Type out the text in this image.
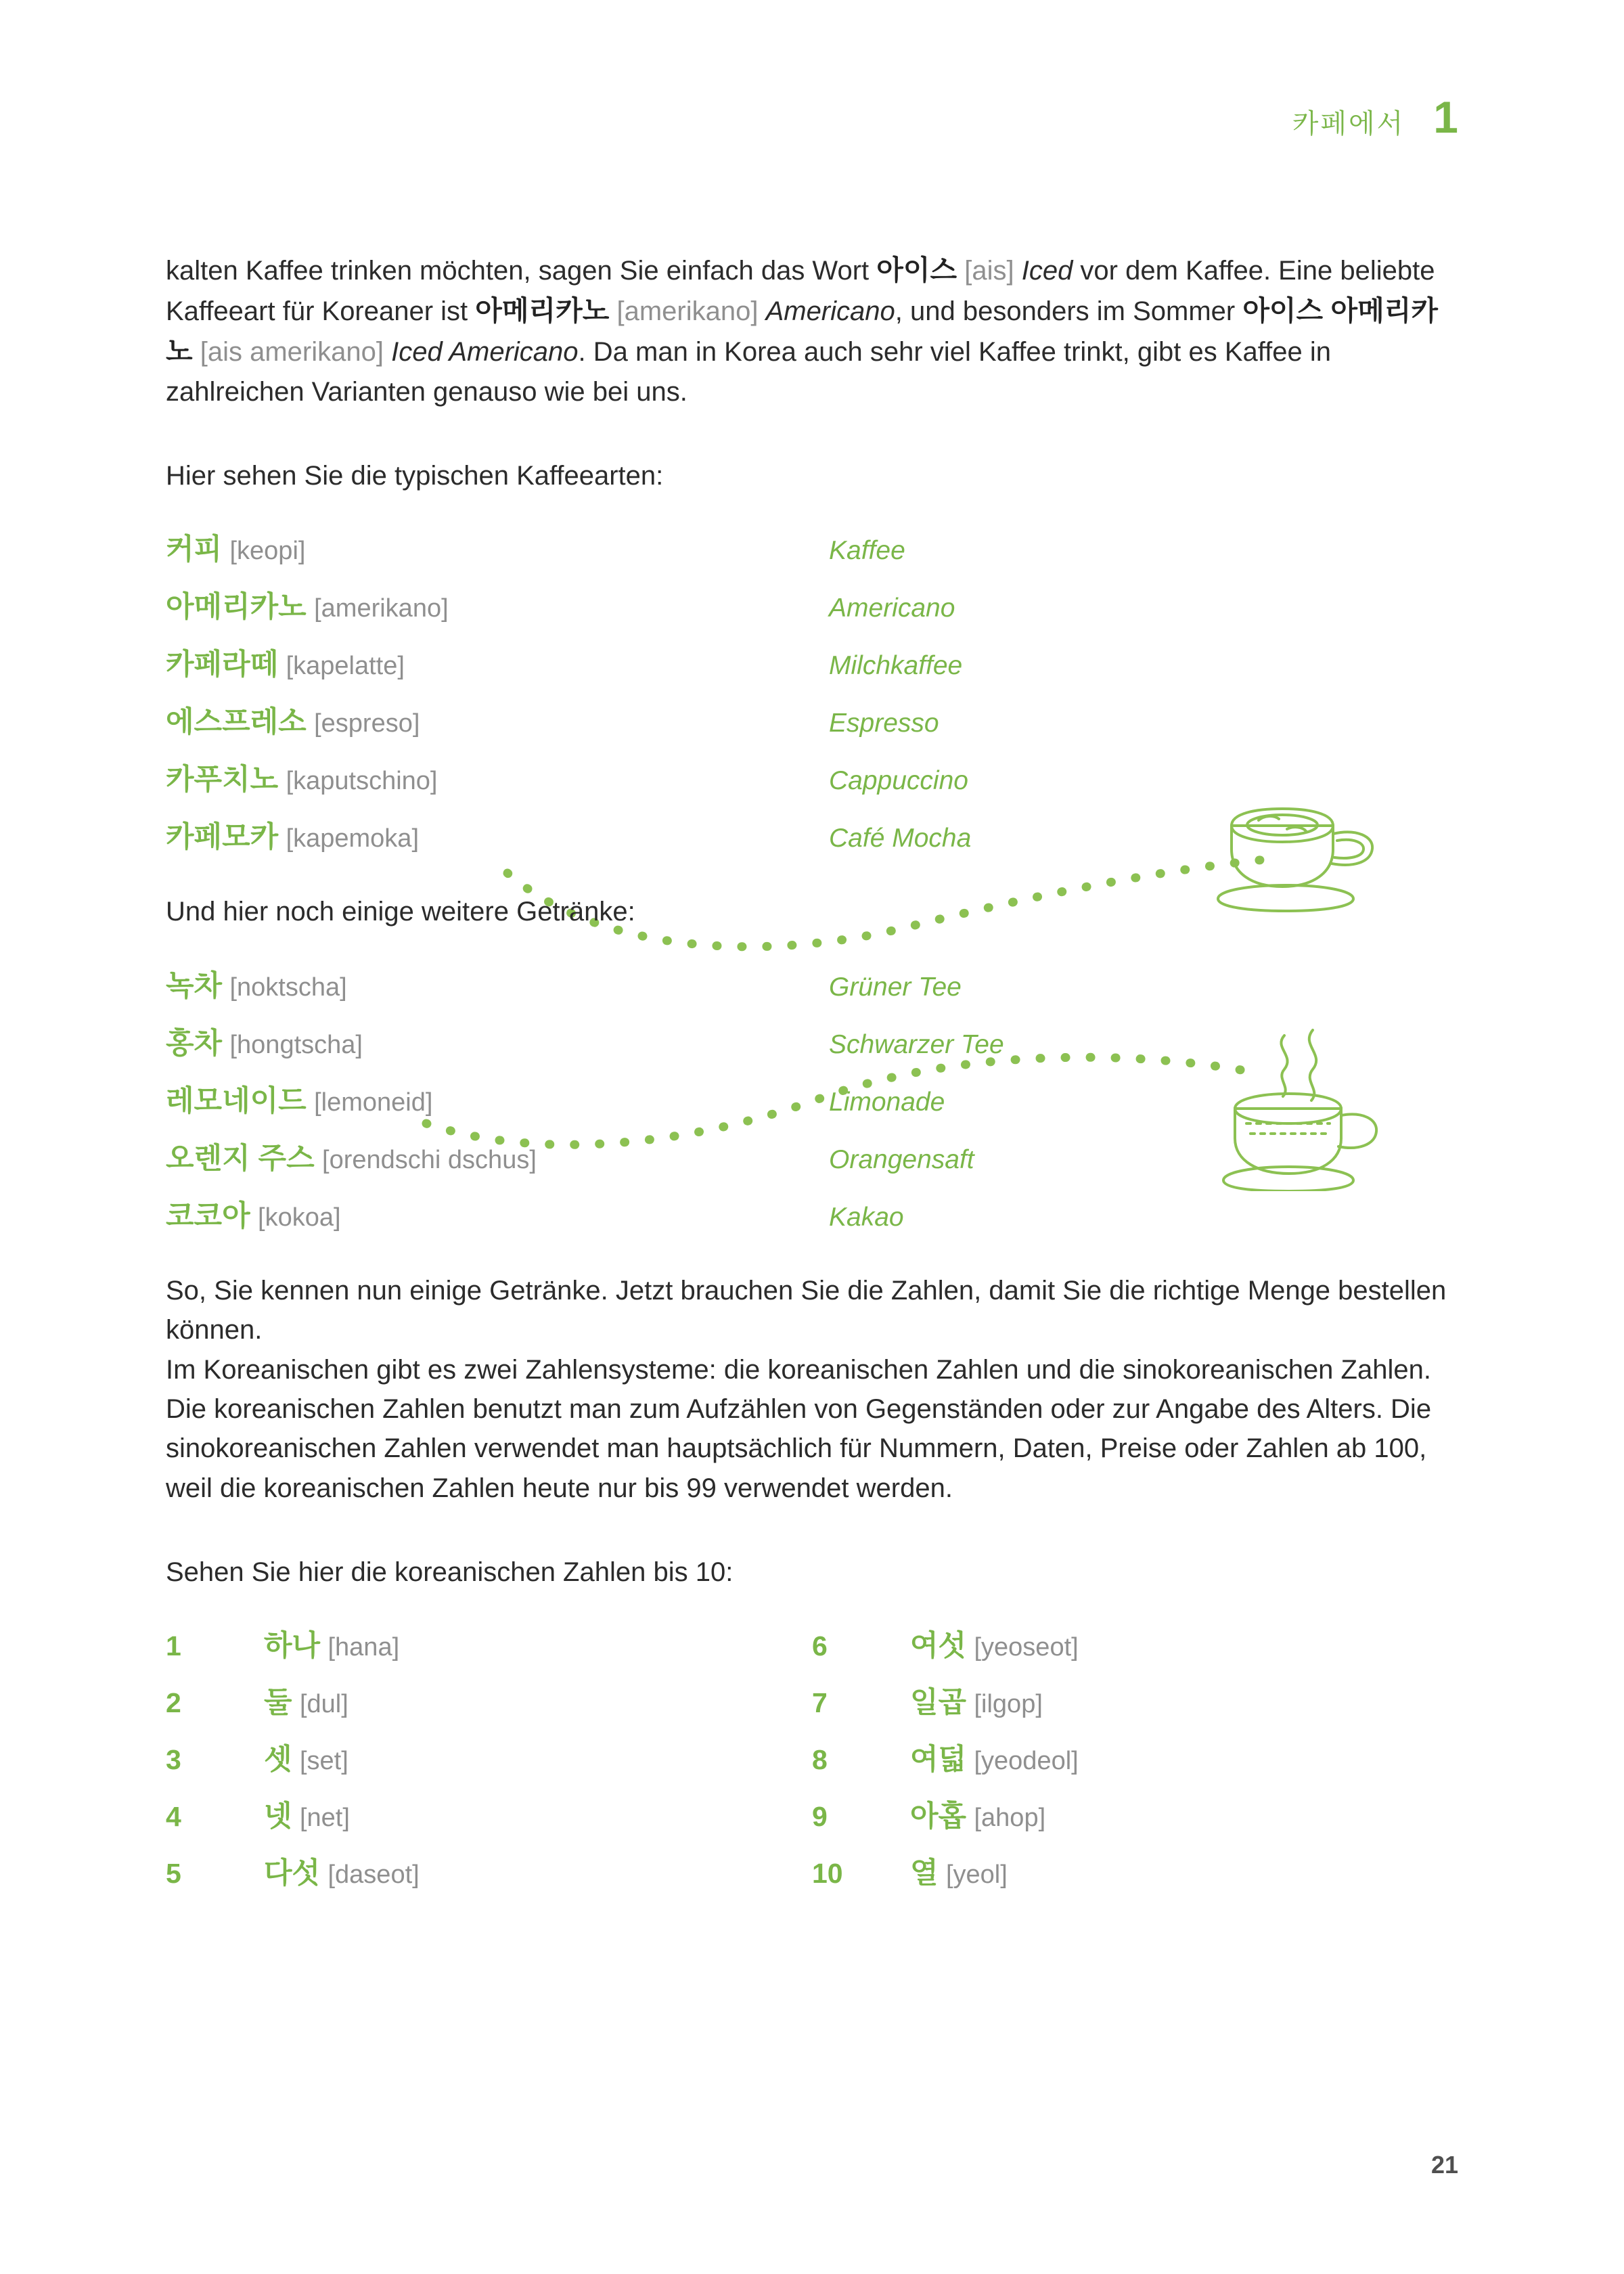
카페에서 1

kalten Kaffee trinken möchten, sagen Sie einfach das Wort 아이스 [ais] Iced vor dem Kaffee. Eine beliebte Kaffeeart für Koreaner ist 아메리카노 [amerikano] Americano, und besonders im Sommer 아이스 아메리카노 [ais amerikano] Iced Americano. Da man in Korea auch sehr viel Kaffee trinkt, gibt es Kaffee in zahlreichen Varianten genauso wie bei uns.

Hier sehen Sie die typischen Kaffeearten:

커피 [keopi]	Kaffee
아메리카노 [amerikano]	Americano
카페라떼 [kapelatte]	Milchkaffee
에스프레소 [espreso]	Espresso
카푸치노 [kaputschino]	Cappuccino
카페모카 [kapemoka]	Café Mocha

Und hier noch einige weitere Getränke:

녹차 [noktscha]	Grüner Tee
홍차 [hongtscha]	Schwarzer Tee
레모네이드 [lemoneid]	Limonade
오렌지 주스 [orendschi dschus]	Orangensaft
코코아 [kokoa]	Kakao

So, Sie kennen nun einige Getränke. Jetzt brauchen Sie die Zahlen, damit Sie die richtige Menge bestellen können.

Im Koreanischen gibt es zwei Zahlensysteme: die koreanischen Zahlen und die sinokoreanischen Zahlen. Die koreanischen Zahlen benutzt man zum Aufzählen von Gegenständen oder zur Angabe des Alters. Die sinokoreanischen Zahlen verwendet man hauptsächlich für Nummern, Daten, Preise oder Zahlen ab 100, weil die koreanischen Zahlen heute nur bis 99 verwendet werden.

Sehen Sie hier die koreanischen Zahlen bis 10:

1	하나 [hana]
2	둘 [dul]
3	셋 [set]
4	넷 [net]
5	다섯 [daseot]
6	여섯 [yeoseot]
7	일곱 [ilgop]
8	여덟 [yeodeol]
9	아홉 [ahop]
10	열 [yeol]
21
